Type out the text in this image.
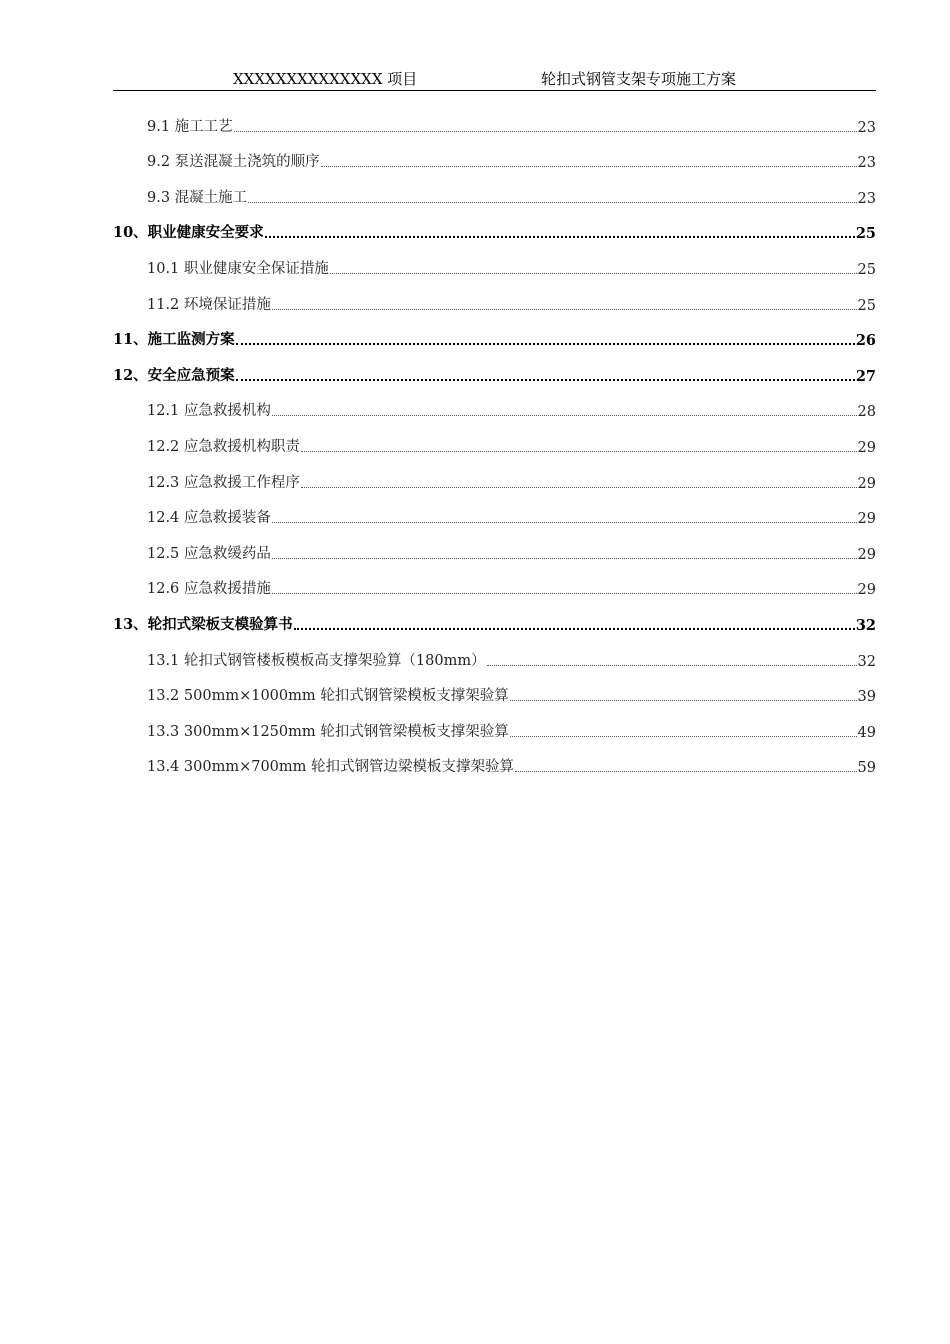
XXXXXXXXXXXXXX 项目	轮扣式钢管支架专项施工方案
9.1 施工工艺	23
9.2 泵送混凝土浇筑的顺序	23
9.3 混凝土施工	23
10、职业健康安全要求	25
10.1 职业健康安全保证措施	25
11.2 环境保证措施	25
11、施工监测方案	26
12、安全应急预案	27
12.1 应急救援机构	28
12.2 应急救援机构职责	29
12.3 应急救援工作程序	29
12.4 应急救援装备	29
12.5 应急救缓药品	29
12.6 应急救援措施	29
13、轮扣式梁板支模验算书	32
13.1 轮扣式钢管楼板模板高支撑架验算（180mm）	32
13.2 500mm×1000mm 轮扣式钢管梁模板支撑架验算	39
13.3 300mm×1250mm 轮扣式钢管梁模板支撑架验算	49
13.4 300mm×700mm 轮扣式钢管边梁模板支撑架验算	59
